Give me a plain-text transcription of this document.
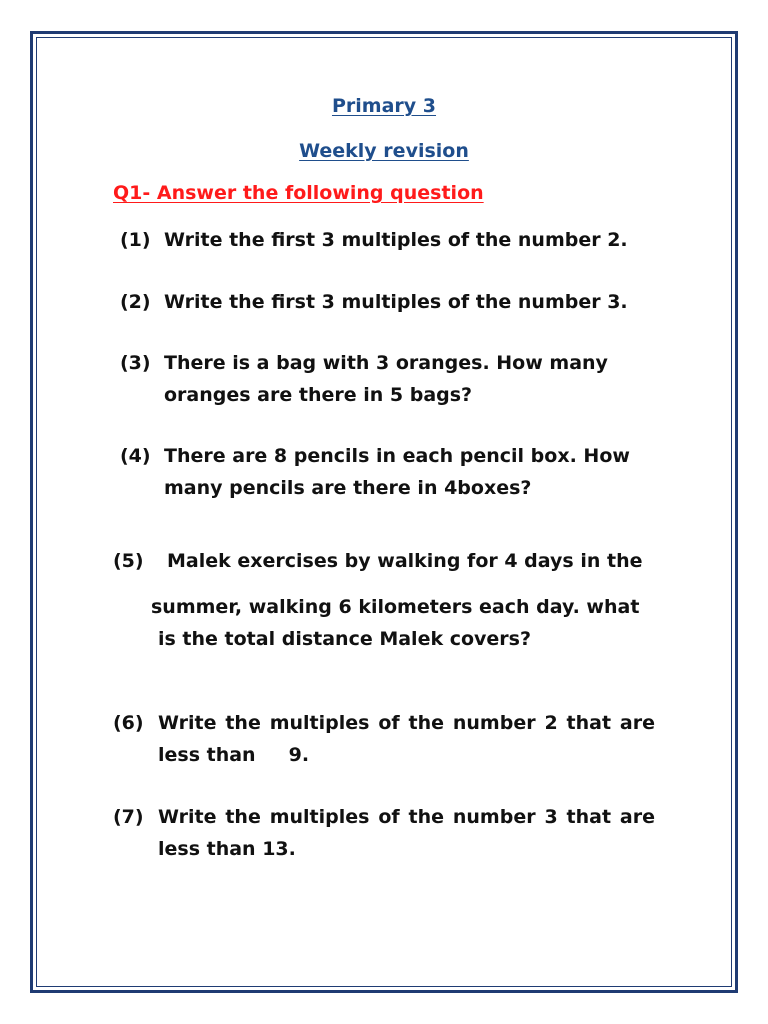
Primary 3
Weekly revision
Q1- Answer the following question
(1) Write the first 3 multiples of the number 2.
(2) Write the first 3 multiples of the number 3.
(3) There is a bag with 3 oranges. How many oranges are there in 5 bags?
(4) There are 8 pencils in each pencil box. How many pencils are there in 4boxes?
(5) Malek exercises by walking for 4 days in the
summer, walking 6 kilometers each day. what
is the total distance Malek covers?
(6) Write the multiples of the number 2 that are less than     9.
(7) Write the multiples of the number 3 that are less than 13.
